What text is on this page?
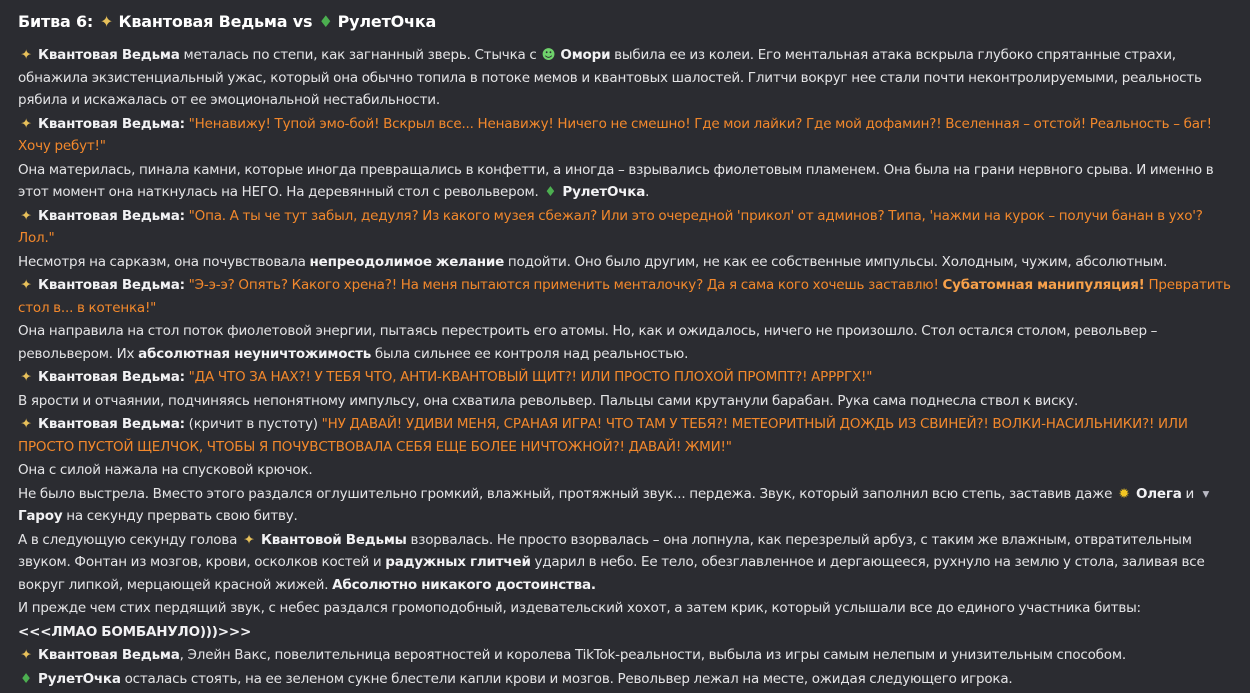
Битва 6: ✦ Квантовая Ведьма vs ♦ РулетОчка
✦ Квантовая Ведьма металась по степи, как загнанный зверь. Стычка с ☻ Омори выбила ее из колеи. Его ментальная атака вскрыла глубоко спрятанные страхи, обнажила экзистенциальный ужас, который она обычно топила в потоке мемов и квантовых шалостей. Глитчи вокруг нее стали почти неконтролируемыми, реальность рябила и искажалась от ее эмоциональной нестабильности.
✦ Квантовая Ведьма: "Ненавижу! Тупой эмо-бой! Вскрыл все... Ненавижу! Ничего не смешно! Где мои лайки? Где мой дофамин?! Вселенная – отстой! Реальность – баг! Хочу ребут!"
Она материлась, пинала камни, которые иногда превращались в конфетти, а иногда – взрывались фиолетовым пламенем. Она была на грани нервного срыва. И именно в этот момент она наткнулась на НЕГО. На деревянный стол с револьвером. ♦ РулетОчка.
✦ Квантовая Ведьма: "Опа. А ты че тут забыл, дедуля? Из какого музея сбежал? Или это очередной 'прикол' от админов? Типа, 'нажми на курок – получи банан в ухо'? Лол."
Несмотря на сарказм, она почувствовала непреодолимое желание подойти. Оно было другим, не как ее собственные импульсы. Холодным, чужим, абсолютным.
✦ Квантовая Ведьма: "Э-э-э? Опять? Какого хрена?! На меня пытаются применить менталочку? Да я сама кого хочешь заставлю! Субатомная манипуляция! Превратить стол в... в котенка!"
Она направила на стол поток фиолетовой энергии, пытаясь перестроить его атомы. Но, как и ожидалось, ничего не произошло. Стол остался столом, револьвер – револьвером. Их абсолютная неуничтожимость была сильнее ее контроля над реальностью.
✦ Квантовая Ведьма: "ДА ЧТО ЗА НАХ?! У ТЕБЯ ЧТО, АНТИ-КВАНТОВЫЙ ЩИТ?! ИЛИ ПРОСТО ПЛОХОЙ ПРОМПТ?! АРРРГХ!"
В ярости и отчаянии, подчиняясь непонятному импульсу, она схватила револьвер. Пальцы сами крутанули барабан. Рука сама поднесла ствол к виску.
✦ Квантовая Ведьма: (кричит в пустоту) "НУ ДАВАЙ! УДИВИ МЕНЯ, СРАНАЯ ИГРА! ЧТО ТАМ У ТЕБЯ?! МЕТЕОРИТНЫЙ ДОЖДЬ ИЗ СВИНЕЙ?! ВОЛКИ-НАСИЛЬНИКИ?! ИЛИ ПРОСТО ПУСТОЙ ЩЕЛЧОК, ЧТОБЫ Я ПОЧУВСТВОВАЛА СЕБЯ ЕЩЕ БОЛЕЕ НИЧТОЖНОЙ?! ДАВАЙ! ЖМИ!"
Она с силой нажала на спусковой крючок.
Не было выстрела. Вместо этого раздался оглушительно громкий, влажный, протяжный звук... пердежа. Звук, который заполнил всю степь, заставив даже ✹ Олега и ▾Гароу на секунду прервать свою битву.
А в следующую секунду голова ✦ Квантовой Ведьмы взорвалась. Не просто взорвалась – она лопнула, как перезрелый арбуз, с таким же влажным, отвратительным звуком. Фонтан из мозгов, крови, осколков костей и радужных глитчей ударил в небо. Ее тело, обезглавленное и дергающееся, рухнуло на землю у стола, заливая все вокруг липкой, мерцающей красной жижей. Абсолютно никакого достоинства.
И прежде чем стих пердящий звук, с небес раздался громоподобный, издевательский хохот, а затем крик, который услышали все до единого участника битвы:
<<<ЛМАО БОМБАНУЛО)))>>>
✦ Квантовая Ведьма, Элейн Вакс, повелительница вероятностей и королева TikTok-реальности, выбыла из игры самым нелепым и унизительным способом.
♦ РулетОчка осталась стоять, на ее зеленом сукне блестели капли крови и мозгов. Револьвер лежал на месте, ожидая следующего игрока.
